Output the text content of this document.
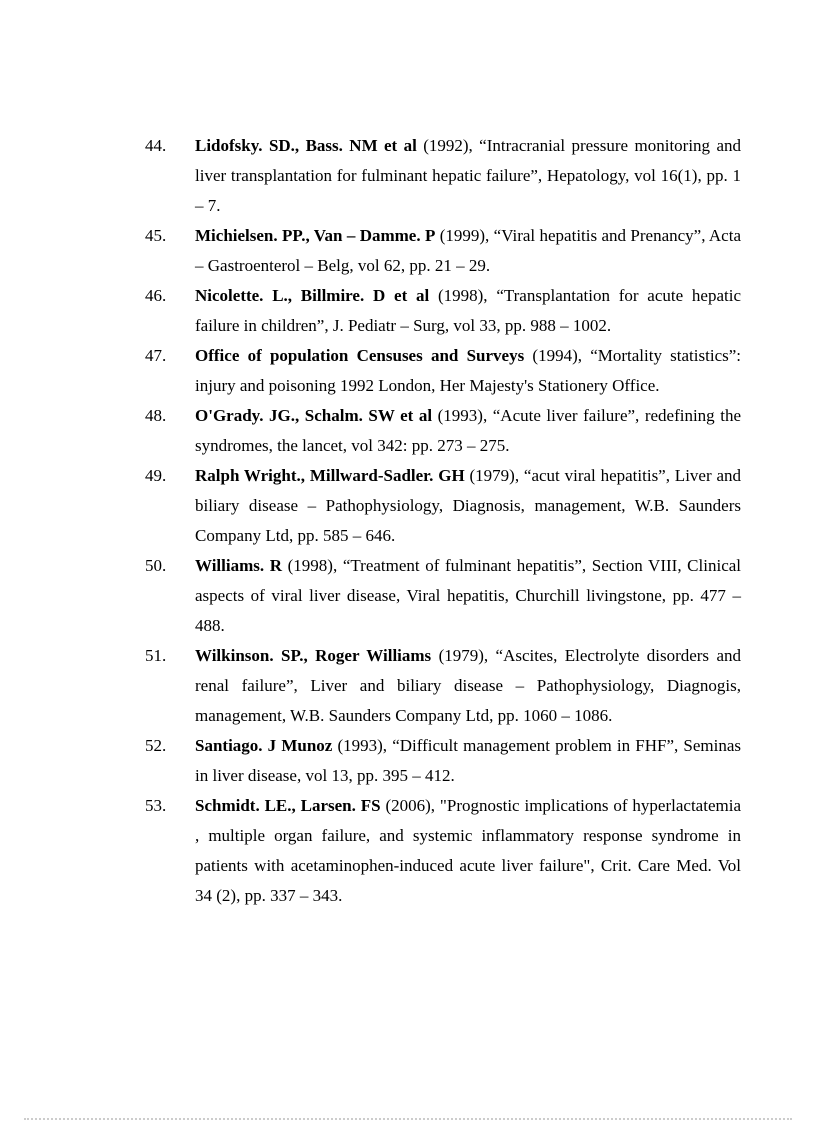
44.	Lidofsky. SD., Bass. NM et al (1992), “Intracranial pressure monitoring and liver transplantation for fulminant hepatic failure”, Hepatology, vol 16(1), pp. 1 – 7.

45.	Michielsen. PP., Van – Damme. P (1999), “Viral hepatitis and Prenancy”, Acta – Gastroenterol – Belg, vol 62, pp. 21 – 29.

46.	Nicolette. L., Billmire. D et al (1998), “Transplantation for acute hepatic failure in children”, J. Pediatr – Surg, vol 33, pp. 988 – 1002.

47.	Office of population Censuses and Surveys (1994), “Mortality statistics”: injury and poisoning 1992 London, Her Majesty's Stationery Office.

48.	O'Grady. JG., Schalm. SW et al (1993), “Acute liver failure”, redefining the syndromes, the lancet, vol 342: pp. 273 – 275.

49.	Ralph Wright., Millward-Sadler. GH (1979), “acut viral hepatitis”, Liver and biliary disease – Pathophysiology, Diagnosis, management, W.B. Saunders Company Ltd, pp. 585 – 646.

50.	Williams. R (1998), “Treatment of fulminant hepatitis”, Section VIII, Clinical aspects of viral liver disease, Viral hepatitis, Churchill livingstone, pp. 477 – 488.

51.	Wilkinson. SP., Roger Williams (1979), “Ascites, Electrolyte disorders and renal failure”, Liver and biliary disease – Pathophysiology, Diagnogis, management, W.B. Saunders Company Ltd, pp. 1060 – 1086.

52.	Santiago. J Munoz (1993), “Difficult management problem in FHF”, Seminas in liver disease, vol 13, pp. 395 – 412.

53.	Schmidt. LE., Larsen. FS (2006), "Prognostic implications of hyperlactatemia , multiple organ failure, and systemic inflammatory response syndrome in patients with acetaminophen-induced acute liver failure", Crit. Care Med. Vol 34 (2), pp. 337 – 343.
